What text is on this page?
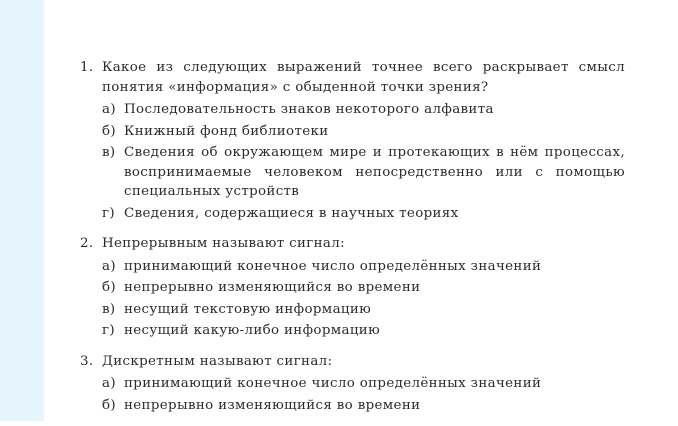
1. Какое из следующих выражений точнее всего раскрывает смысл понятия «информация» с обыденной точки зрения?
а) Последовательность знаков некоторого алфавита
б) Книжный фонд библиотеки
в) Сведения об окружающем мире и протекающих в нём процессах, воспринимаемые человеком непосредственно или с помощью специальных устройств
г) Сведения, содержащиеся в научных теориях
2. Непрерывным называют сигнал:
а) принимающий конечное число определённых значений
б) непрерывно изменяющийся во времени
в) несущий текстовую информацию
г) несущий какую-либо информацию
3. Дискретным называют сигнал:
а) принимающий конечное число определённых значений
б) непрерывно изменяющийся во времени
